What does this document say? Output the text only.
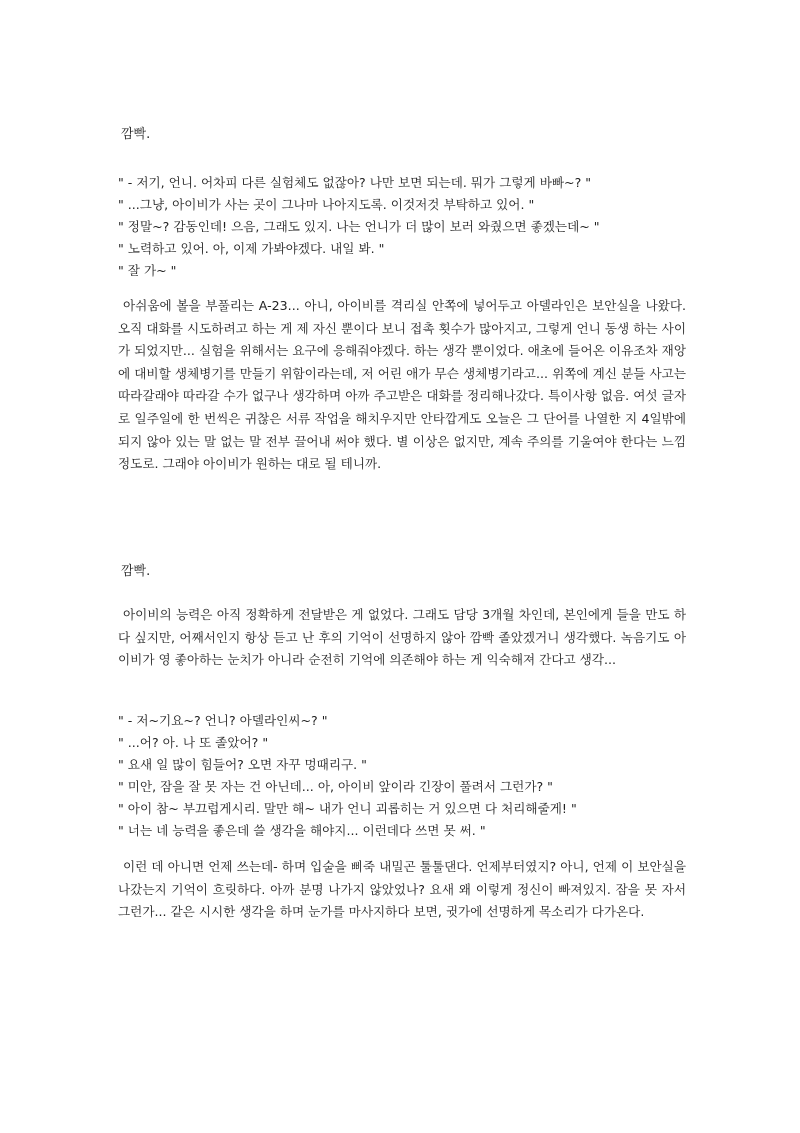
깜빡.
" - 저기, 언니. 어차피 다른 실험체도 없잖아? 나만 보면 되는데. 뭐가 그렇게 바빠~? "
" ...그냥, 아이비가 사는 곳이 그나마 나아지도록. 이것저것 부탁하고 있어. "
" 정말~? 감동인데! 으음, 그래도 있지. 나는 언니가 더 많이 보러 와줬으면 좋겠는데~ "
" 노력하고 있어. 아, 이제 가봐야겠다. 내일 봐. "
" 잘 가~ "

아쉬움에 볼을 부풀리는 A-23... 아니, 아이비를 격리실 안쪽에 넣어두고 아델라인은 보안실을 나왔다. 오직 대화를 시도하려고 하는 게 제 자신 뿐이다 보니 접촉 횟수가 많아지고, 그렇게 언니 동생 하는 사이가 되었지만... 실험을 위해서는 요구에 응해줘야겠다. 하는 생각 뿐이었다. 애초에 들어온 이유조차 재앙에 대비할 생체병기를 만들기 위함이라는데, 저 어린 애가 무슨 생체병기라고... 위쪽에 계신 분들 사고는 따라갈래야 따라갈 수가 없구나 생각하며 아까 주고받은 대화를 정리해나갔다. 특이사항 없음. 여섯 글자로 일주일에 한 번씩은 귀찮은 서류 작업을 해치우지만 안타깝게도 오늘은 그 단어를 나열한 지 4일밖에 되지 않아 있는 말 없는 말 전부 끌어내 써야 했다. 별 이상은 없지만, 계속 주의를 기울여야 한다는 느낌 정도로. 그래야 아이비가 원하는 대로 될 테니까.

깜빡.

아이비의 능력은 아직 정확하게 전달받은 게 없었다. 그래도 담당 3개월 차인데, 본인에게 들을 만도 하다 싶지만, 어째서인지 항상 듣고 난 후의 기억이 선명하지 않아 깜빡 졸았겠거니 생각했다. 녹음기도 아이비가 영 좋아하는 눈치가 아니라 순전히 기억에 의존해야 하는 게 익숙해져 간다고 생각...

" - 저~기요~? 언니? 아델라인씨~? "
" ...어? 아. 나 또 졸았어? "
" 요새 일 많이 힘들어? 오면 자꾸 멍때리구. "
" 미안, 잠을 잘 못 자는 건 아닌데... 아, 아이비 앞이라 긴장이 풀려서 그런가? "
" 아이 참~ 부끄럽게시리. 말만 해~ 내가 언니 괴롭히는 거 있으면 다 처리해줄게! "
" 너는 네 능력을 좋은데 쓸 생각을 해야지... 이런데다 쓰면 못 써. "

이런 데 아니면 언제 쓰는데- 하며 입술을 삐죽 내밀곤 툴툴댄다. 언제부터였지? 아니, 언제 이 보안실을 나갔는지 기억이 흐릿하다. 아까 분명 나가지 않았었나? 요새 왜 이렇게 정신이 빠져있지. 잠을 못 자서 그런가... 같은 시시한 생각을 하며 눈가를 마사지하다 보면, 귓가에 선명하게 목소리가 다가온다.
